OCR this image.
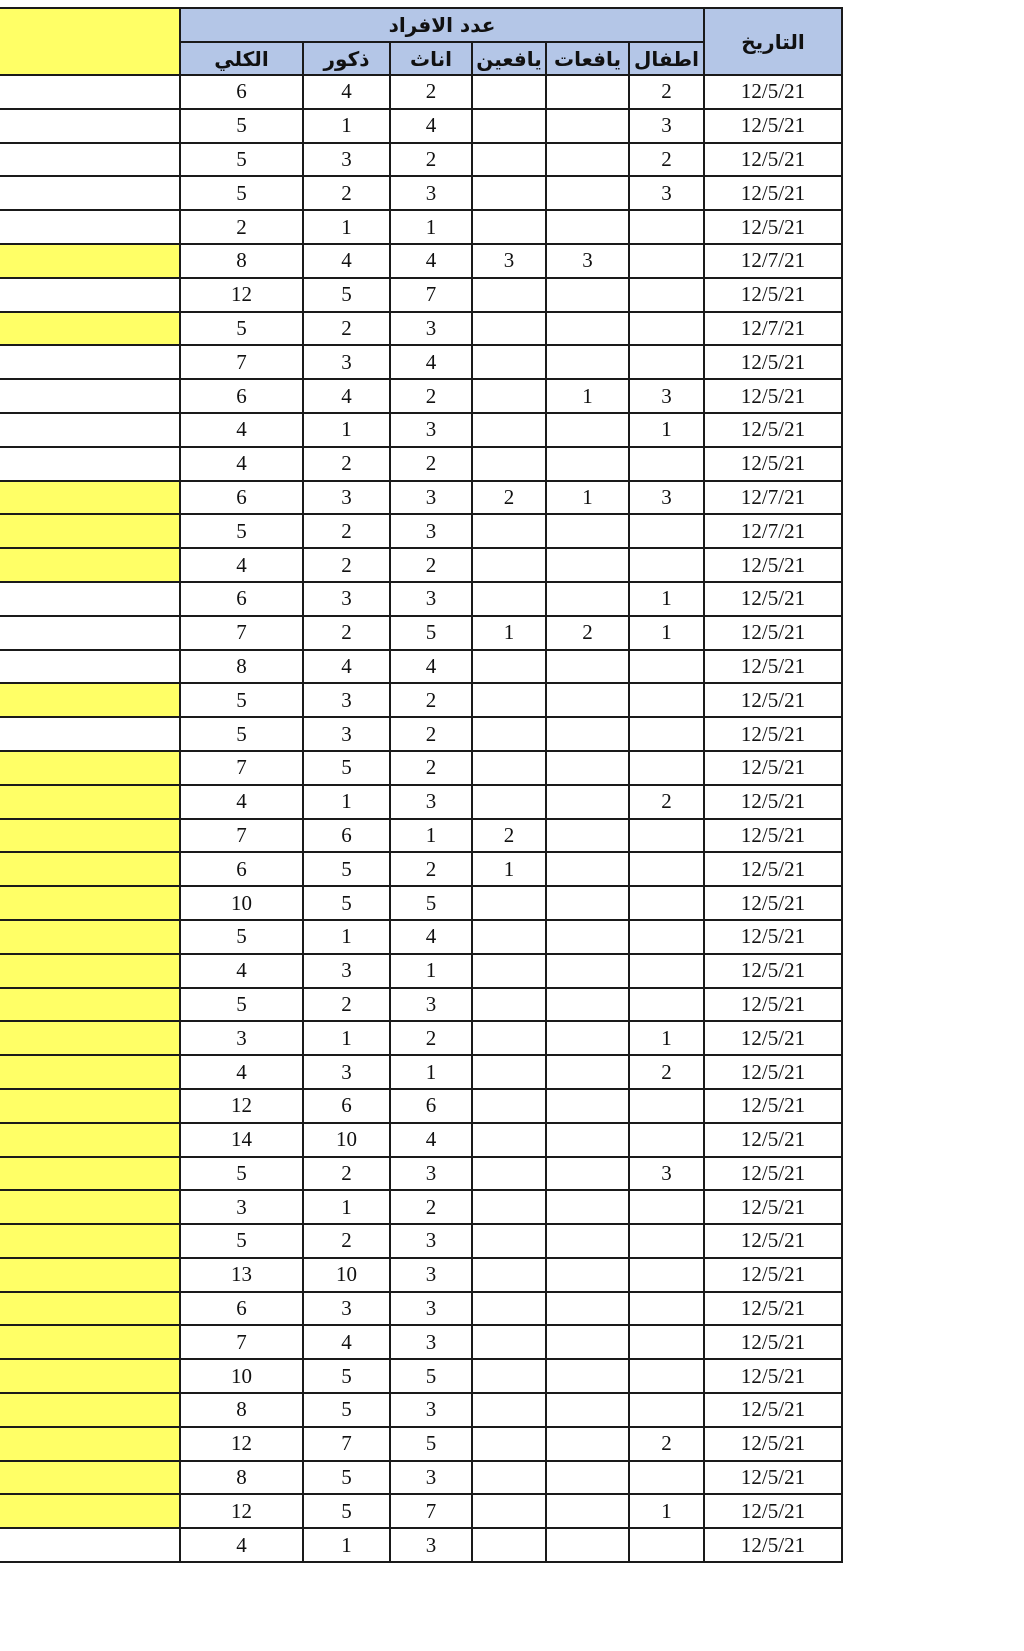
التاريخ	عدد الافراد	
	اطفال	يافعات	يافعين	اناث	ذكور	الكلي	
12/5/21	2			2	4	6	
12/5/21	3			4	1	5	
12/5/21	2			2	3	5	
12/5/21	3			3	2	5	
12/5/21				1	1	2	
12/7/21		3	3	4	4	8	
12/5/21				7	5	12	
12/7/21				3	2	5	
12/5/21				4	3	7	
12/5/21	3	1		2	4	6	
12/5/21	1			3	1	4	
12/5/21				2	2	4	
12/7/21	3	1	2	3	3	6	
12/7/21				3	2	5	
12/5/21				2	2	4	
12/5/21	1			3	3	6	
12/5/21	1	2	1	5	2	7	
12/5/21				4	4	8	
12/5/21				2	3	5	
12/5/21				2	3	5	
12/5/21				2	5	7	
12/5/21	2			3	1	4	
12/5/21			2	1	6	7	
12/5/21			1	2	5	6	
12/5/21				5	5	10	
12/5/21				4	1	5	
12/5/21				1	3	4	
12/5/21				3	2	5	
12/5/21	1			2	1	3	
12/5/21	2			1	3	4	
12/5/21				6	6	12	
12/5/21				4	10	14	
12/5/21	3			3	2	5	
12/5/21				2	1	3	
12/5/21				3	2	5	
12/5/21				3	10	13	
12/5/21				3	3	6	
12/5/21				3	4	7	
12/5/21				5	5	10	
12/5/21				3	5	8	
12/5/21	2			5	7	12	
12/5/21				3	5	8	
12/5/21	1			7	5	12	
12/5/21				3	1	4	
